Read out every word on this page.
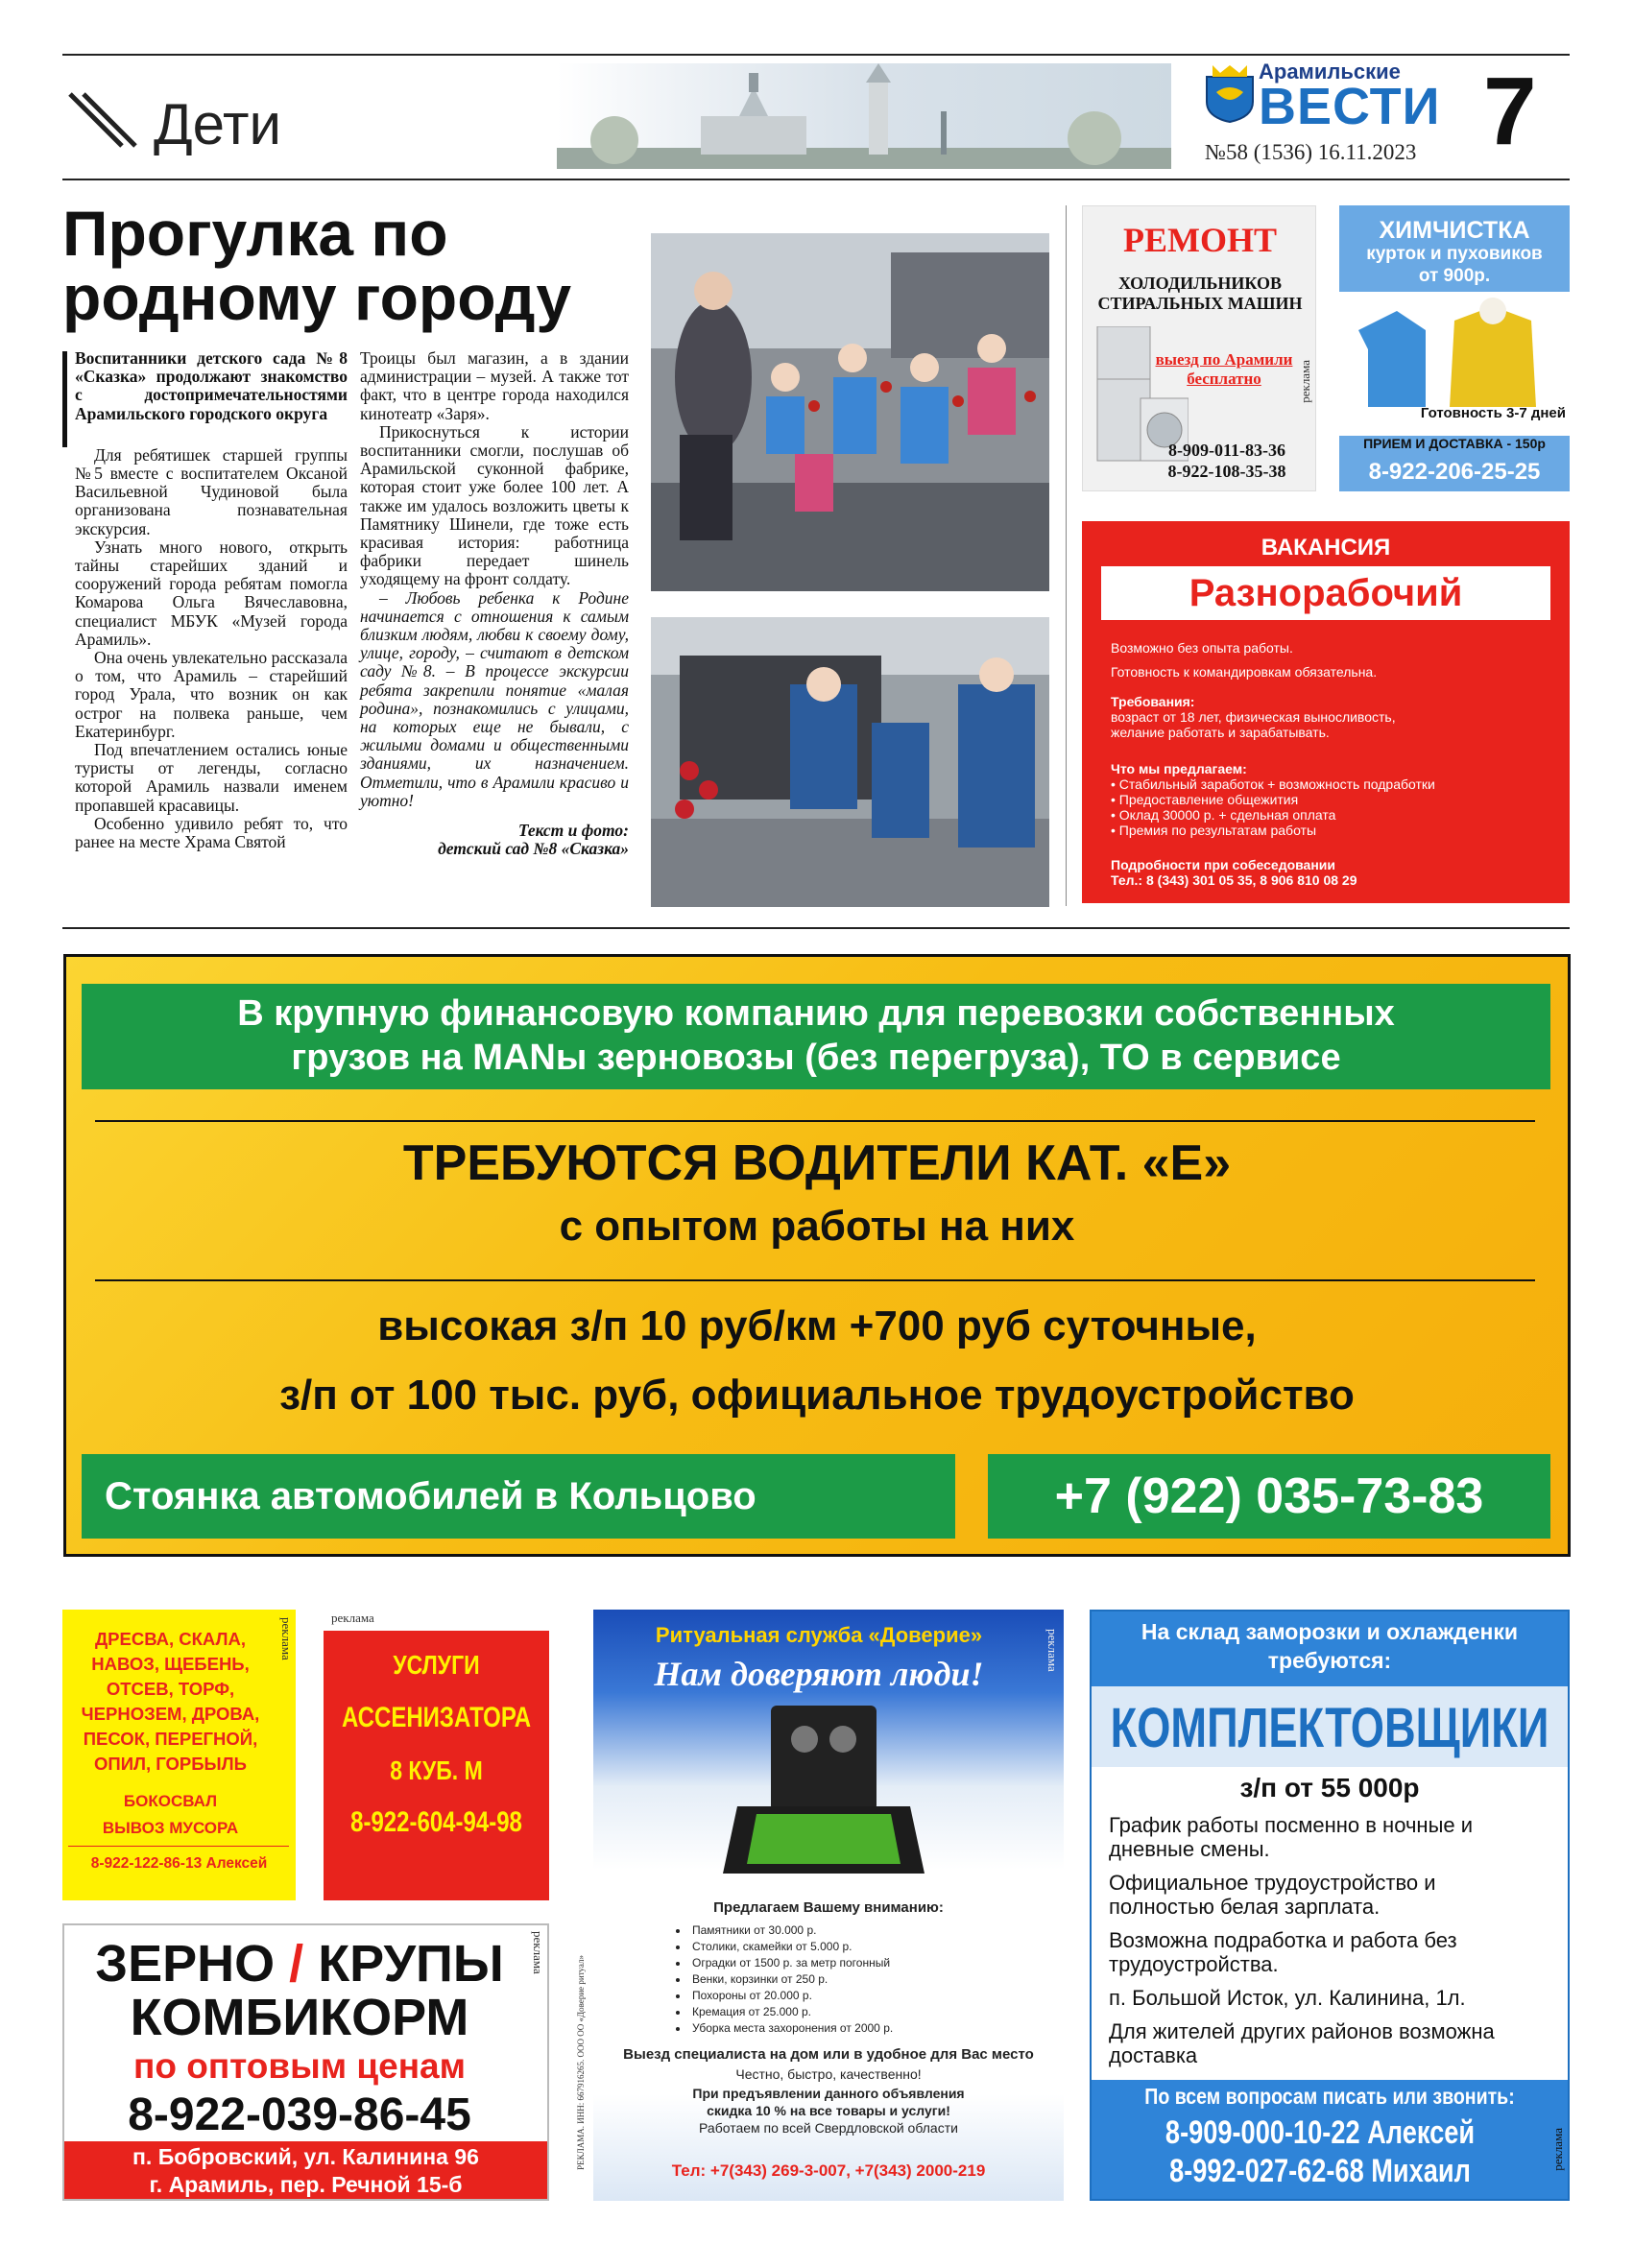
Дети
Арамильские
ВЕСТИ
№58 (1536) 16.11.2023 7
Прогулка по родному городу

Воспитанники детского сада №8 «Сказка» продолжают знакомство с достопримечательностями Арамильского городского округа

Для ребятишек старшей группы №5 вместе с воспитателем Оксаной Васильевной Чудиновой была организована познавательная экскурсия.

Узнать много нового, открыть тайны старейших зданий и сооружений города ребятам помогла Комарова Ольга Вячеславовна, специалист МБУК «Музей города Арамиль».

Она очень увлекательно рассказала о том, что Арамиль – старейший город Урала, что возник он как острог на полвека раньше, чем Екатеринбург.

Под впечатлением остались юные туристы от легенды, согласно которой Арамиль назвали именем пропавшей красавицы.

Особенно удивило ребят то, что ранее на месте Храма Святой

Троицы был магазин, а в здании администрации – музей. А также тот факт, что в центре города находился кинотеатр «Заря».

Прикоснуться к истории воспитанники смогли, послушав об Арамильской суконной фабрике, которая стоит уже более 100 лет. А также им удалось возложить цветы к Памятнику Шинели, где тоже есть красивая история: работница фабрики передает шинель уходящему на фронт солдату.

– Любовь ребенка к Родине начинается с отношения к самым близким людям, любви к своему дому, улице, городу, – считают в детском саду №8. – В процессе экскурсии ребята закрепили понятие «малая родина», познакомились с улицами, на которых еще не бывали, с жилыми домами и общественными зданиями, их назначением. Отметили, что в Арамили красиво и уютно!

Текст и фото:

детский сад №8 «Сказка»

РЕМОНТ
ХОЛОДИЛЬНИКОВ СТИРАЛЬНЫХ МАШИН
выезд по Арамили
бесплатно
8-909-011-83-36
8-922-108-35-38
реклама
ХИМЧИСТКА
курток и пуховиков
от 900р.
Готовность 3-7 дней
ПРИЕМ И ДОСТАВКА - 150р
8-922-206-25-25
реклама
ВАКАНСИЯ
Разнорабочий
Возможно без опыта работы.
Готовность к командировкам обязательна.
Требования:
возраст от 18 лет, физическая выносливость,
желание работать и зарабатывать.
Что мы предлагаем:
• Стабильный заработок + возможность подработки
• Предоставление общежития
• Оклад 30000 р. + сдельная оплата
• Премия по результатам работы
Подробности при собеседовании
Тел.: 8 (343) 301 05 35, 8 906 810 08 29
В крупную финансовую компанию для перевозки собственных
грузов на MANы зерновозы (без перегруза), ТО в сервисе
ТРЕБУЮТСЯ ВОДИТЕЛИ КАТ. «Е»
с опытом работы на них
высокая з/п 10 руб/км +700 руб суточные,
з/п от 100 тыс. руб, официальное трудоустройство
Стоянка автомобилей в Кольцово	+7 (922) 035-73-83
ДРЕСВА, СКАЛА,
НАВОЗ, ЩЕБЕНЬ,
ОТСЕВ, ТОРФ,
ЧЕРНОЗЕМ, ДРОВА,
ПЕСОК, ПЕРЕГНОЙ,
ОПИЛ, ГОРБЫЛЬ
БОКОСВАЛ
ВЫВОЗ МУСОРА
8-922-122-86-13 Алексей
реклама	реклама
УСЛУГИ
АССЕНИЗАТОРА
8 КУБ. М
8-922-604-94-98
ЗЕРНО / КРУПЫ
КОМБИКОРМ
по оптовым ценам
8-922-039-86-45
п. Бобровский, ул. Калинина 96
г. Арамиль, пер. Речной 15-б
реклама
Ритуальная служба «Доверие»
Нам доверяют люди!
Предлагаем Вашему вниманию:
• Памятники от 30.000 р.
• Столики, скамейки от 5.000 р.
• Оградки от 1500 р. за метр погонный
• Венки, корзинки от 250 р.
• Похороны от 20.000 р.
• Кремация от 25.000 р.
• Уборка места захоронения от 2000 р.
Выезд специалиста на дом или в удобное для Вас место
Честно, быстро, качественно!
При предъявлении данного объявления
скидка 10 % на все товары и услуги!
Работаем по всей Свердловской области
Тел: +7(343) 269-3-007, +7(343) 2000-219
реклама
РЕКЛАМА. ИНН: 667916265. ООО ОО «Доверие ритуал»
На склад заморозки и охлажденки
требуются:
КОМПЛЕКТОВЩИКИ
з/п от 55 000р
График работы посменно в ночные и дневные смены.
Официальное трудоустройство и полностью белая зарплата.
Возможна подработка и работа без трудоустройства.
п. Большой Исток, ул. Калинина, 1л.
Для жителей других районов возможна доставка
По всем вопросам писать или звонить:
8-909-000-10-22 Алексей
8-992-027-62-68 Михаил
реклама
